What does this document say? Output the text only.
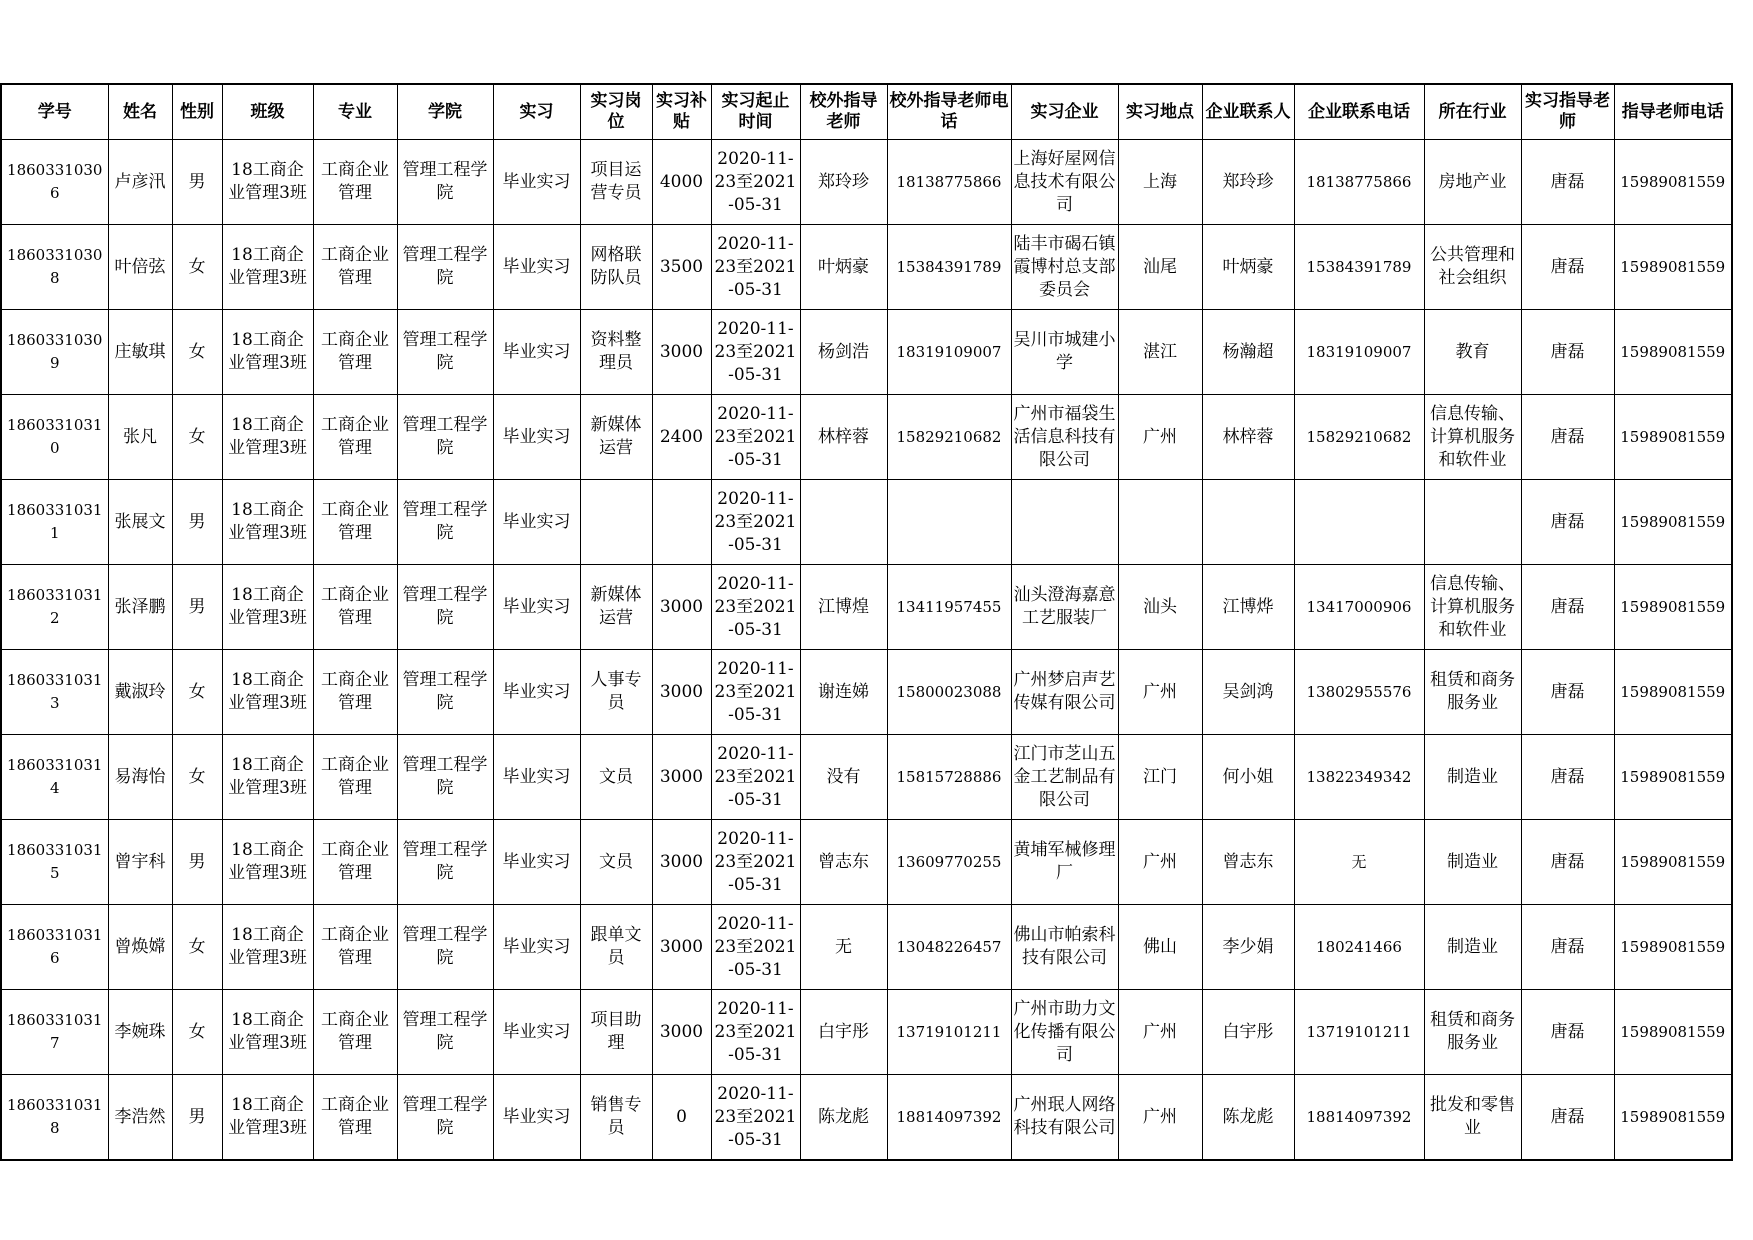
学号	姓名	性别	班级	专业	学院	实习	实习岗位	实习补贴	实习起止时间	校外指导老师	校外指导老师电话	实习企业	实习地点	企业联系人	企业联系电话	所在行业	实习指导老师	指导老师电话

18603310306	卢彦汛	男	18工商企业管理3班	工商企业管理	管理工程学院	毕业实习	项目运营专员	4000	2020-11-23至2021-05-31	郑玲珍	18138775866	上海好屋网信息技术有限公司	上海	郑玲珍	18138775866	房地产业	唐磊	15989081559

18603310308	叶倍弦	女	18工商企业管理3班	工商企业管理	管理工程学院	毕业实习	网格联防队员	3500	2020-11-23至2021-05-31	叶炳豪	15384391789	陆丰市碣石镇霞博村总支部委员会	汕尾	叶炳豪	15384391789	公共管理和社会组织	唐磊	15989081559

18603310309	庄敏琪	女	18工商企业管理3班	工商企业管理	管理工程学院	毕业实习	资料整理员	3000	2020-11-23至2021-05-31	杨剑浩	18319109007	吴川市城建小学	湛江	杨瀚超	18319109007	教育	唐磊	15989081559

18603310310	张凡	女	18工商企业管理3班	工商企业管理	管理工程学院	毕业实习	新媒体运营	2400	2020-11-23至2021-05-31	林梓蓉	15829210682	广州市福袋生活信息科技有限公司	广州	林梓蓉	15829210682	信息传输、计算机服务和软件业	唐磊	15989081559

18603310311	张展文	男	18工商企业管理3班	工商企业管理	管理工程学院	毕业实习			2020-11-23至2021-05-31								唐磊	15989081559

18603310312	张泽鹏	男	18工商企业管理3班	工商企业管理	管理工程学院	毕业实习	新媒体运营	3000	2020-11-23至2021-05-31	江博煌	13411957455	汕头澄海嘉意工艺服装厂	汕头	江博烨	13417000906	信息传输、计算机服务和软件业	唐磊	15989081559

18603310313	戴淑玲	女	18工商企业管理3班	工商企业管理	管理工程学院	毕业实习	人事专员	3000	2020-11-23至2021-05-31	谢连娣	15800023088	广州梦启声艺传媒有限公司	广州	吴剑鸿	13802955576	租赁和商务服务业	唐磊	15989081559

18603310314	易海怡	女	18工商企业管理3班	工商企业管理	管理工程学院	毕业实习	文员	3000	2020-11-23至2021-05-31	没有	15815728886	江门市芝山五金工艺制品有限公司	江门	何小姐	13822349342	制造业	唐磊	15989081559

18603310315	曾宇科	男	18工商企业管理3班	工商企业管理	管理工程学院	毕业实习	文员	3000	2020-11-23至2021-05-31	曾志东	13609770255	黄埔军械修理厂	广州	曾志东	无	制造业	唐磊	15989081559

18603310316	曾焕嫦	女	18工商企业管理3班	工商企业管理	管理工程学院	毕业实习	跟单文员	3000	2020-11-23至2021-05-31	无	13048226457	佛山市帕索科技有限公司	佛山	李少娟	180241466	制造业	唐磊	15989081559

18603310317	李婉珠	女	18工商企业管理3班	工商企业管理	管理工程学院	毕业实习	项目助理	3000	2020-11-23至2021-05-31	白宇彤	13719101211	广州市助力文化传播有限公司	广州	白宇彤	13719101211	租赁和商务服务业	唐磊	15989081559

18603310318	李浩然	男	18工商企业管理3班	工商企业管理	管理工程学院	毕业实习	销售专员	0	2020-11-23至2021-05-31	陈龙彪	18814097392	广州珉人网络科技有限公司	广州	陈龙彪	18814097392	批发和零售业	唐磊	15989081559
